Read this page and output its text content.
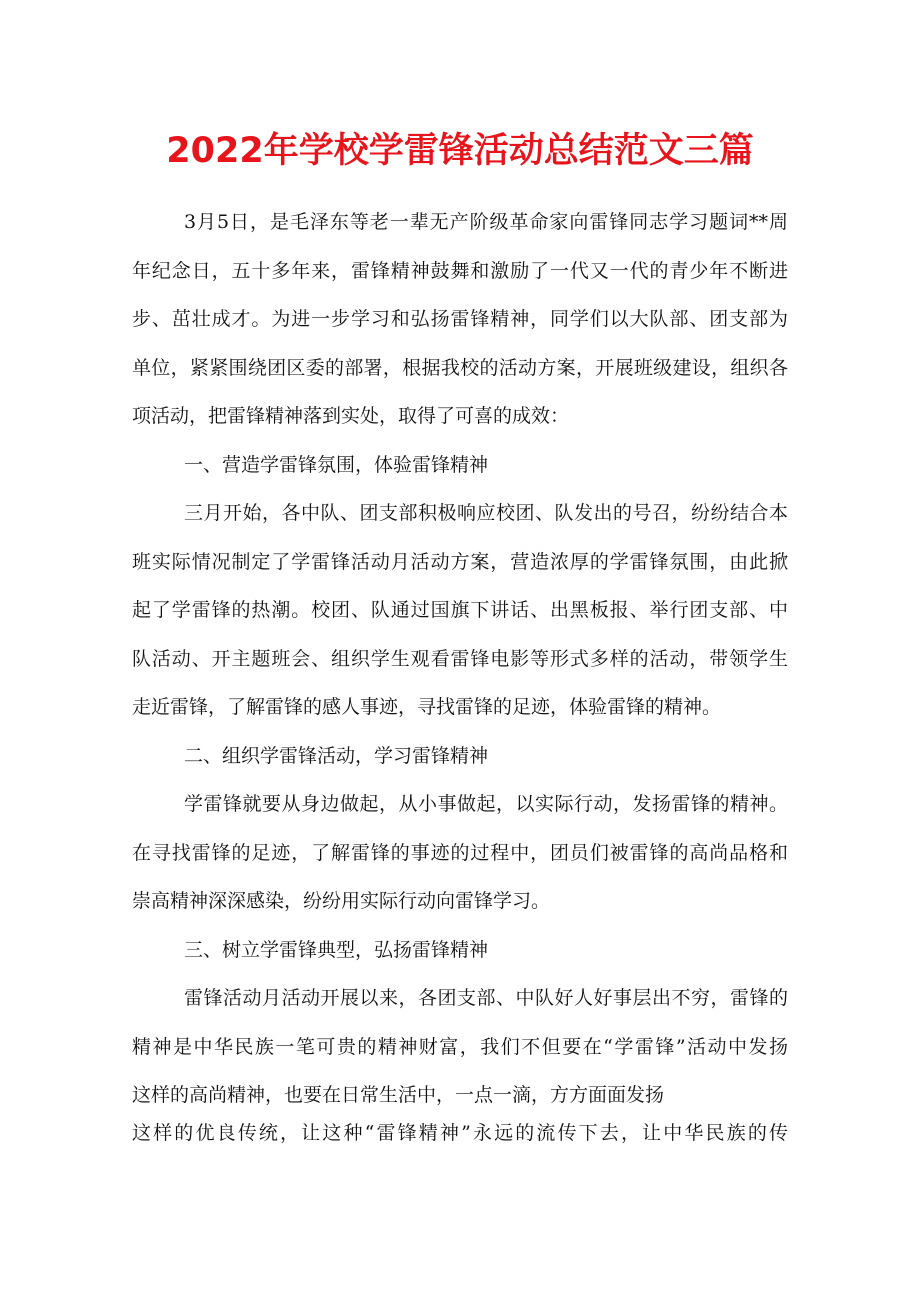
2022年学校学雷锋活动总结范文三篇
3月5日，是毛泽东等老一辈无产阶级革命家向雷锋同志学习题词**周
年纪念日，五十多年来，雷锋精神鼓舞和激励了一代又一代的青少年不断进
步、茁壮成才。为进一步学习和弘扬雷锋精神，同学们以大队部、团支部为
单位，紧紧围绕团区委的部署，根据我校的活动方案，开展班级建设，组织各
项活动，把雷锋精神落到实处，取得了可喜的成效：
一、营造学雷锋氛围，体验雷锋精神
三月开始，各中队、团支部积极响应校团、队发出的号召，纷纷结合本
班实际情况制定了学雷锋活动月活动方案，营造浓厚的学雷锋氛围，由此掀
起了学雷锋的热潮。校团、队通过国旗下讲话、出黑板报、举行团支部、中
队活动、开主题班会、组织学生观看雷锋电影等形式多样的活动，带领学生
走近雷锋，了解雷锋的感人事迹，寻找雷锋的足迹，体验雷锋的精神。
二、组织学雷锋活动，学习雷锋精神
学雷锋就要从身边做起，从小事做起，以实际行动，发扬雷锋的精神。
在寻找雷锋的足迹，了解雷锋的事迹的过程中，团员们被雷锋的高尚品格和
崇高精神深深感染，纷纷用实际行动向雷锋学习。
三、树立学雷锋典型，弘扬雷锋精神
雷锋活动月活动开展以来，各团支部、中队好人好事层出不穷，雷锋的
精神是中华民族一笔可贵的精神财富，我们不但要在“学雷锋”活动中发扬
这样的高尚精神，也要在日常生活中，一点一滴，方方面面发扬
这样的优良传统，让这种“雷锋精神”永远的流传下去，让中华民族的传
